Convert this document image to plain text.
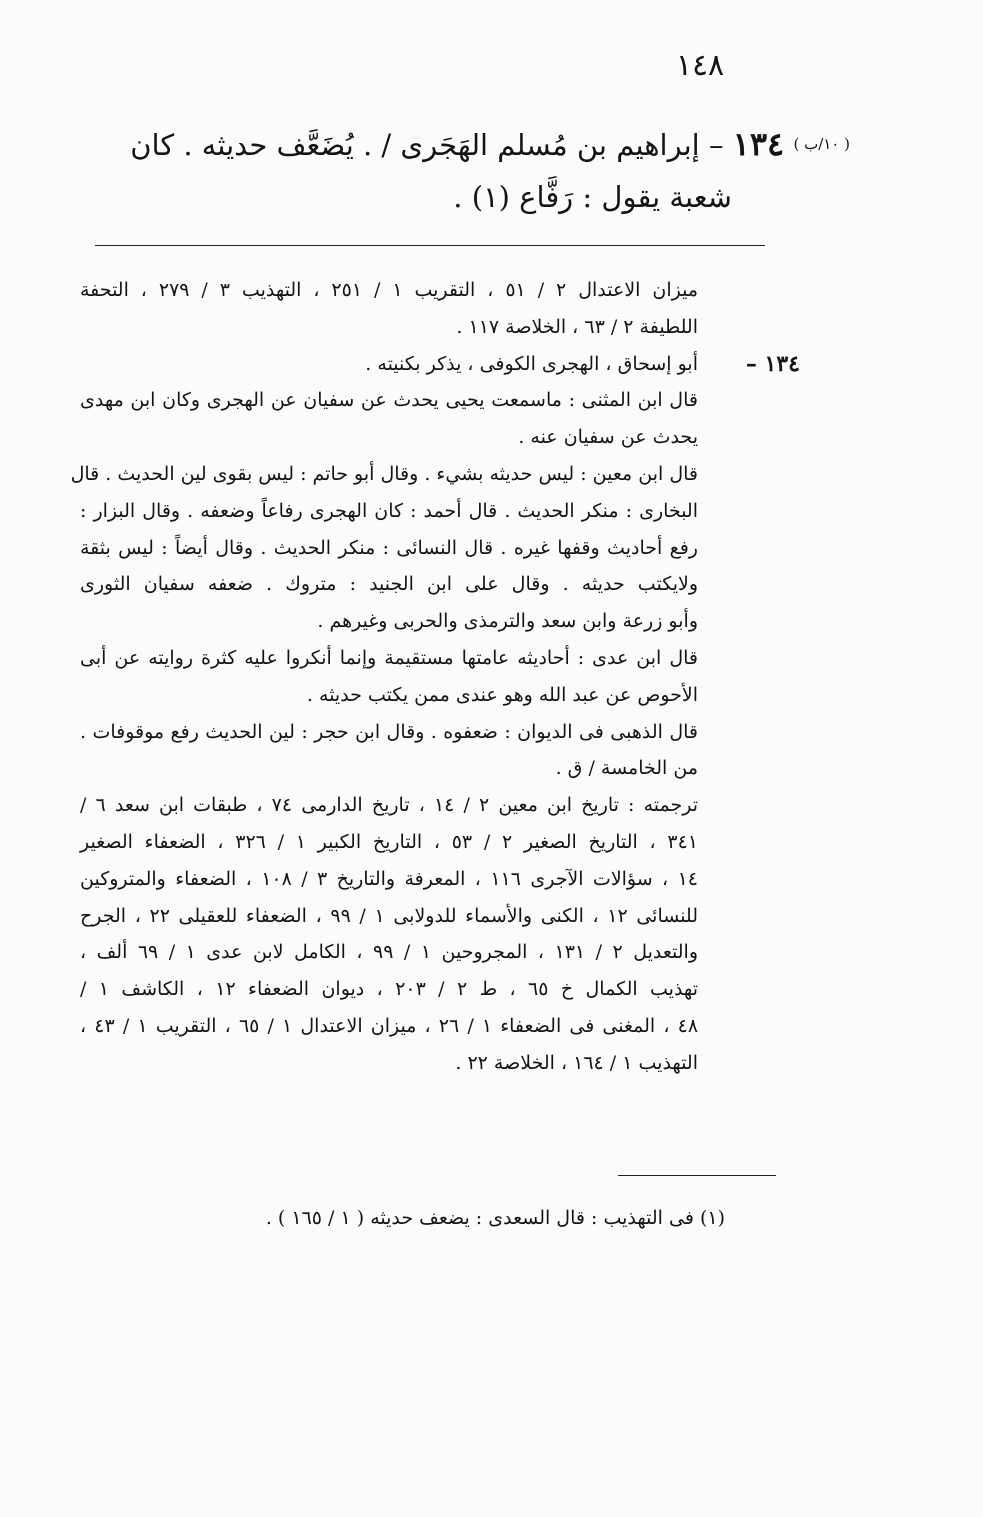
١٤٨
$^{( ١٠/ب )}$ ١٣٤ – إبراهيم بن مُسلم الهَجَرى / . يُضَعَّف حديثه . كان
شعبة يقول : رَفَّاع (١) .
ميزان الاعتدال ٢ / ٥١ ، التقريب ١ / ٢٥١ ، التهذيب ٣ / ٢٧٩ ، التحفة
اللطيفة ٢ / ٦٣ ، الخلاصة ١١٧ .
١٣٤ –
أبو إسحاق ، الهجرى الكوفى ، يذكر بكنيته .
قال ابن المثنى : ماسمعت يحيى يحدث عن سفيان عن الهجرى وكان ابن مهدى
يحدث عن سفيان عنه .
قال ابن معين : ليس حديثه بشيء . وقال أبو حاتم : ليس بقوى لين الحديث . قال
البخارى : منكر الحديث . قال أحمد : كان الهجرى رفاعاً وضعفه . وقال البزار :
رفع أحاديث وقفها غيره . قال النسائى : منكر الحديث . وقال أيضاً : ليس بثقة
ولايكتب حديثه . وقال على ابن الجنيد : متروك . ضعفه سفيان الثورى
وأبو زرعة وابن سعد والترمذى والحربى وغيرهم .
قال ابن عدى : أحاديثه عامتها مستقيمة وإنما أنكروا عليه كثرة روايته عن أبى
الأحوص عن عبد الله وهو عندى ممن يكتب حديثه .
قال الذهبى فى الديوان : ضعفوه . وقال ابن حجر : لين الحديث رفع موقوفات .
من الخامسة / ق .
ترجمته : تاريخ ابن معين ٢ / ١٤ ، تاريخ الدارمى ٧٤ ، طبقات ابن سعد ٦ /
٣٤١ ، التاريخ الصغير ٢ / ٥٣ ، التاريخ الكبير ١ / ٣٢٦ ، الضعفاء الصغير
١٤ ، سؤالات الآجرى ١١٦ ، المعرفة والتاريخ ٣ / ١٠٨ ، الضعفاء والمتروكين
للنسائى ١٢ ، الكنى والأسماء للدولابى ١ / ٩٩ ، الضعفاء للعقيلى ٢٢ ، الجرح
والتعديل ٢ / ١٣١ ، المجروحين ١ / ٩٩ ، الكامل لابن عدى ١ / ٦٩ ألف ،
تهذيب الكمال خ ٦٥ ، ط ٢ / ٢٠٣ ، ديوان الضعفاء ١٢ ، الكاشف ١ /
٤٨ ، المغنى فى الضعفاء ١ / ٢٦ ، ميزان الاعتدال ١ / ٦٥ ، التقريب ١ / ٤٣ ،
التهذيب ١ / ١٦٤ ، الخلاصة ٢٢ .
(١) فى التهذيب : قال السعدى : يضعف حديثه ( ١ / ١٦٥ ) .
